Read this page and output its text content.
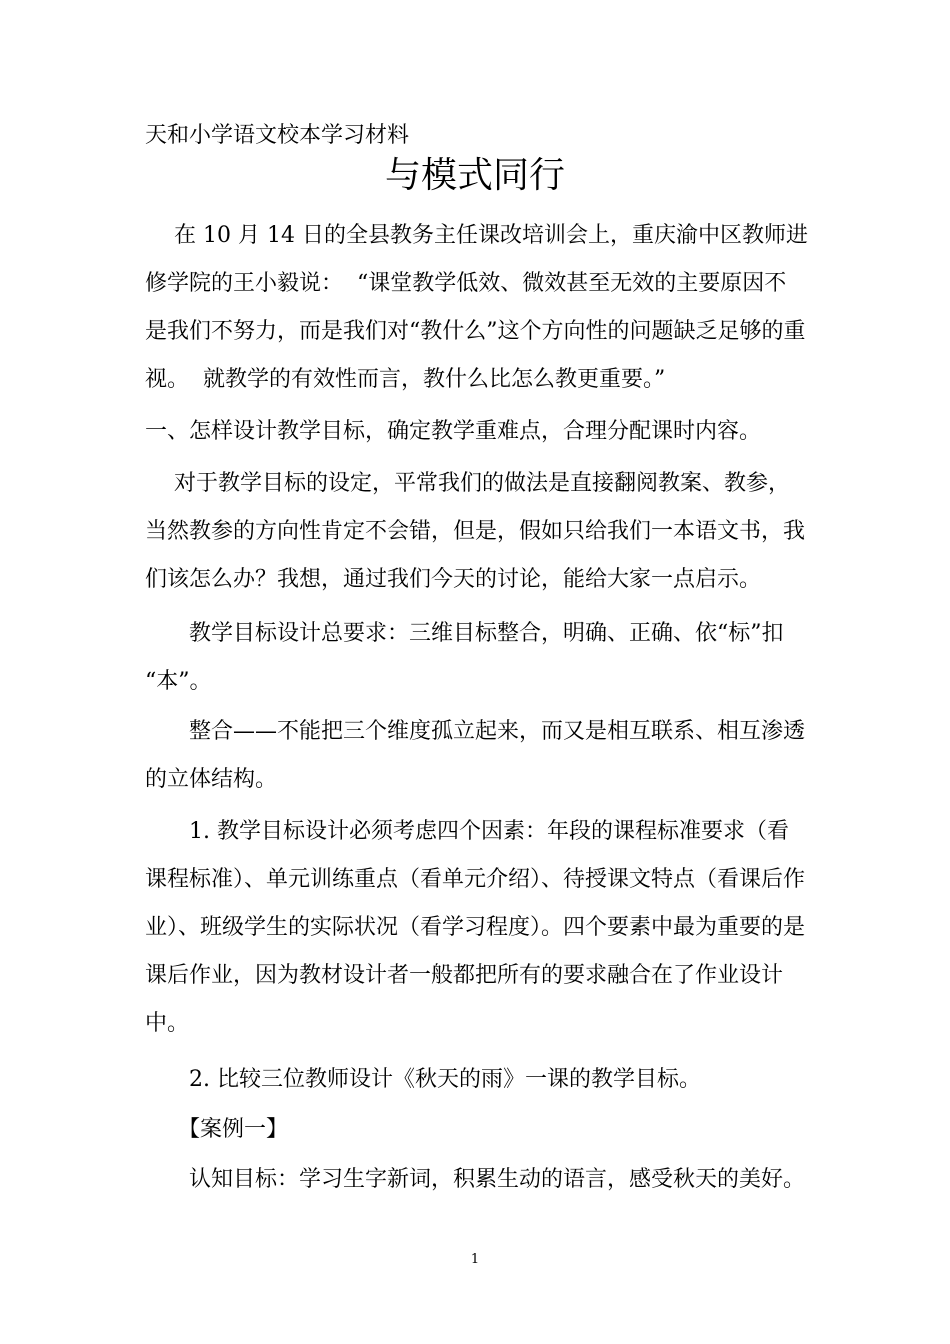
天和小学语文校本学习材料
与模式同行
　 在 10 月 14 日的全县教务主任课改培训会上，重庆渝中区教师进
修学院的王小毅说：  “课堂教学低效、微效甚至无效的主要原因不
是我们不努力，而是我们对“教什么”这个方向性的问题缺乏足够的重
视。  就教学的有效性而言，教什么比怎么教更重要。”
一、怎样设计教学目标，确定教学重难点，合理分配课时内容。
　 对于教学目标的设定，平常我们的做法是直接翻阅教案、教参，
当然教参的方向性肯定不会错，但是，假如只给我们一本语文书，我
们该怎么办？我想，通过我们今天的讨论，能给大家一点启示。
　　教学目标设计总要求：三维目标整合，明确、正确、依“标”扣
“本”。
　　整合——不能把三个维度孤立起来，而又是相互联系、相互渗透
的立体结构。
　　1. 教学目标设计必须考虑四个因素：年段的课程标准要求（看
课程标准）、单元训练重点（看单元介绍）、待授课文特点（看课后作
业）、班级学生的实际状况（看学习程度）。四个要素中最为重要的是
课后作业，因为教材设计者一般都把所有的要求融合在了作业设计
中。
　　2. 比较三位教师设计《秋天的雨》一课的教学目标。
　　【案例一】
　　认知目标：学习生字新词，积累生动的语言，感受秋天的美好。
1
